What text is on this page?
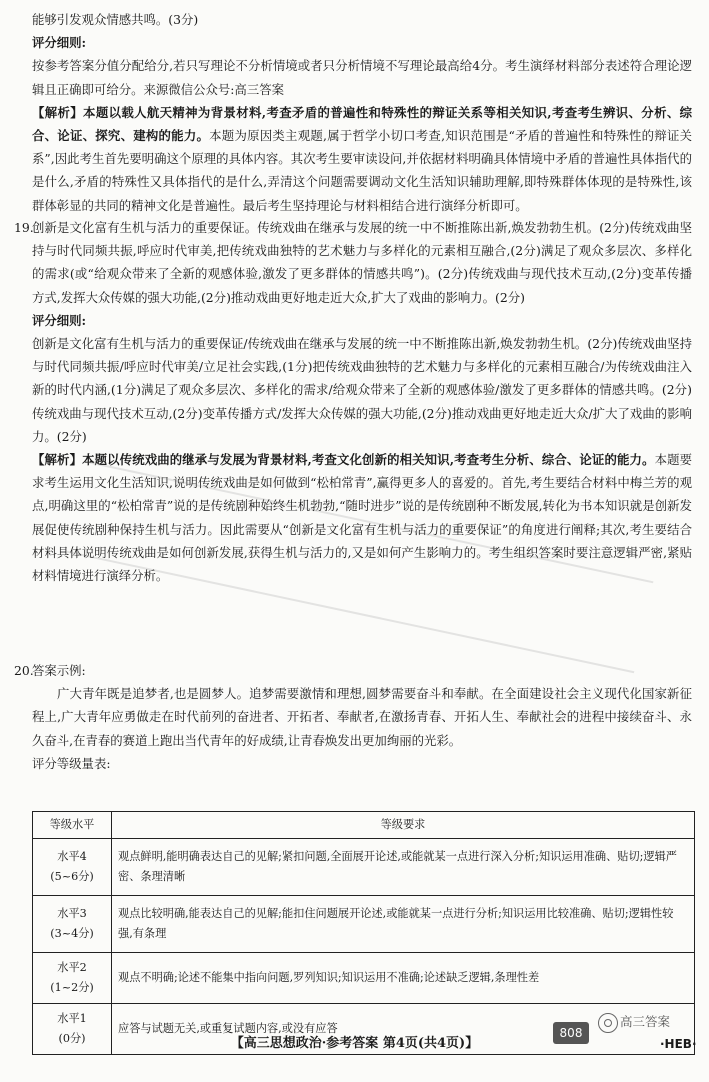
能够引发观众情感共鸣。(3分)

评分细则:

按参考答案分值分配给分,若只写理论不分析情境或者只分析情境不写理论最高给4分。考生演绎材料部分表述符合理论逻辑且正确即可给分。来源微信公众号:高三答案

【解析】本题以载人航天精神为背景材料,考查矛盾的普遍性和特殊性的辩证关系等相关知识,考查考生辨识、分析、综合、论证、探究、建构的能力。本题为原因类主观题,属于哲学小切口考查,知识范围是“矛盾的普遍性和特殊性的辩证关系”,因此考生首先要明确这个原理的具体内容。其次考生要审读设问,并依据材料明确具体情境中矛盾的普遍性具体指代的是什么,矛盾的特殊性又具体指代的是什么,弄清这个问题需要调动文化生活知识辅助理解,即特殊群体体现的是特殊性,该群体彰显的共同的精神文化是普遍性。最后考生坚持理论与材料相结合进行演绎分析即可。

19.

创新是文化富有生机与活力的重要保证。传统戏曲在继承与发展的统一中不断推陈出新,焕发勃勃生机。(2分)传统戏曲坚持与时代同频共振,呼应时代审美,把传统戏曲独特的艺术魅力与多样化的元素相互融合,(2分)满足了观众多层次、多样化的需求(或“给观众带来了全新的观感体验,激发了更多群体的情感共鸣”)。(2分)传统戏曲与现代技术互动,(2分)变革传播方式,发挥大众传媒的强大功能,(2分)推动戏曲更好地走近大众,扩大了戏曲的影响力。(2分)

评分细则:

创新是文化富有生机与活力的重要保证/传统戏曲在继承与发展的统一中不断推陈出新,焕发勃勃生机。(2分)传统戏曲坚持与时代同频共振/呼应时代审美/立足社会实践,(1分)把传统戏曲独特的艺术魅力与多样化的元素相互融合/为传统戏曲注入新的时代内涵,(1分)满足了观众多层次、多样化的需求/给观众带来了全新的观感体验/激发了更多群体的情感共鸣。(2分)传统戏曲与现代技术互动,(2分)变革传播方式/发挥大众传媒的强大功能,(2分)推动戏曲更好地走近大众/扩大了戏曲的影响力。(2分)

【解析】本题以传统戏曲的继承与发展为背景材料,考查文化创新的相关知识,考查考生分析、综合、论证的能力。本题要求考生运用文化生活知识,说明传统戏曲是如何做到“松柏常青”,赢得更多人的喜爱的。首先,考生要结合材料中梅兰芳的观点,明确这里的“松柏常青”说的是传统剧种始终生机勃勃,“随时进步”说的是传统剧种不断发展,转化为书本知识就是创新发展促使传统剧种保持生机与活力。因此需要从“创新是文化富有生机与活力的重要保证”的角度进行阐释;其次,考生要结合材料具体说明传统戏曲是如何创新发展,获得生机与活力的,又是如何产生影响力的。考生组织答案时要注意逻辑严密,紧贴材料情境进行演绎分析。

20.

答案示例:

广大青年既是追梦者,也是圆梦人。追梦需要激情和理想,圆梦需要奋斗和奉献。在全面建设社会主义现代化国家新征程上,广大青年应勇做走在时代前列的奋进者、开拓者、奉献者,在激扬青春、开拓人生、奉献社会的进程中接续奋斗、永久奋斗,在青春的赛道上跑出当代青年的好成绩,让青春焕发出更加绚丽的光彩。

评分等级量表:

等级水平	等级要求

水平4
(5~6分)	观点鲜明,能明确表达自己的见解;紧扣问题,全面展开论述,或能就某一点进行深入分析;知识运用准确、贴切;逻辑严密、条理清晰

水平3
(3~4分)	观点比较明确,能表达自己的见解;能扣住问题展开论述,或能就某一点进行分析;知识运用比较准确、贴切;逻辑性较强,有条理

水平2
(1~2分)	观点不明确;论述不能集中指向问题,罗列知识;知识运用不准确;论述缺乏逻辑,条理性差

水平1
(0分)	应答与试题无关,或重复试题内容,或没有应答
【高三思想政治·参考答案 第4页(共4页)】
808
高三答案
·HEB·
